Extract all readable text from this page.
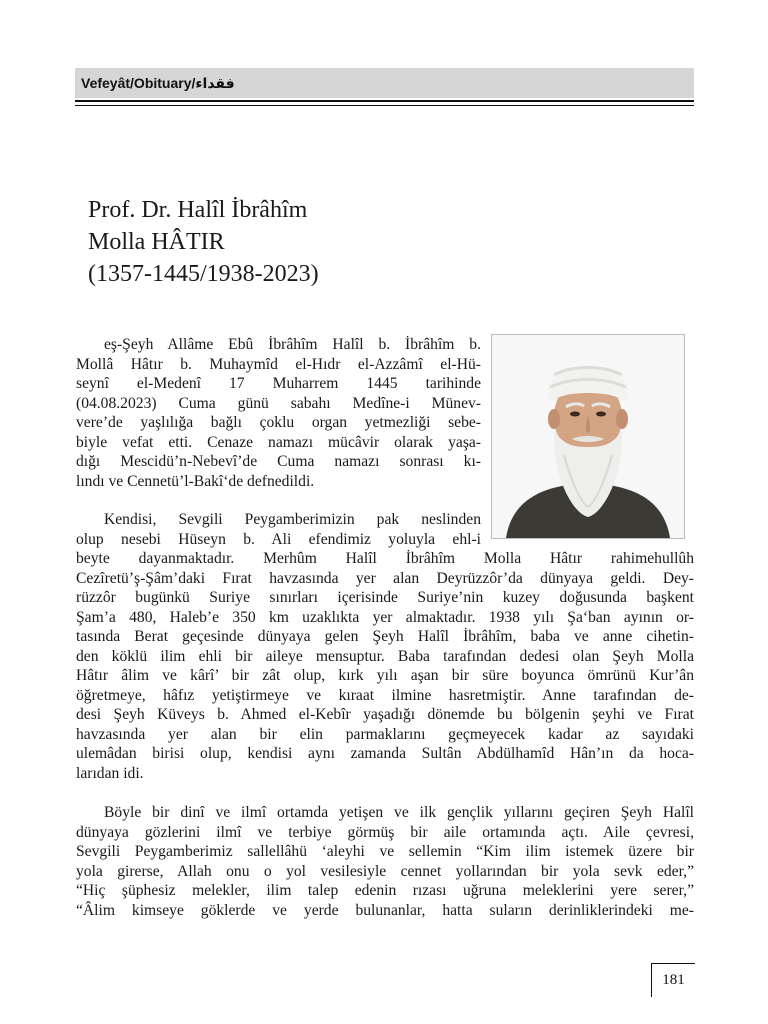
Vefeyât/Obituary/فقداء
Prof. Dr. Halîl İbrâhîm
Molla HÂTIR
(1357-1445/1938-2023)
eş-Şeyh Allâme Ebû İbrâhîm Halîl b. İbrâhîm b.
Mollâ Hâtır b. Muhaymîd el-Hıdr el-Azzâmî el-Hü-
seynî el-Medenî 17 Muharrem 1445 tarihinde
(04.08.2023) Cuma günü sabahı Medîne-i Münev-
vere’de yaşlılığa bağlı çoklu organ yetmezliği sebe-
biyle vefat etti. Cenaze namazı mücâvir olarak yaşa-
dığı Mescidü’n-Nebevî’de Cuma namazı sonrası kı-
lındı ve Cennetü’l-Bakî‘de defnedildi.
Kendisi, Sevgili Peygamberimizin pak neslinden
olup nesebi Hüseyn b. Ali efendimiz yoluyla ehl-i
beyte dayanmaktadır. Merhûm Halîl İbrâhîm Molla Hâtır rahimehullûh
Cezîretü’ş-Şâm’daki Fırat havzasında yer alan Deyrüzzôr’da dünyaya geldi. Dey-
rüzzôr bugünkü Suriye sınırları içerisinde Suriye’nin kuzey doğusunda başkent
Şam’a 480, Haleb’e 350 km uzaklıkta yer almaktadır. 1938 yılı Şa‘ban ayının or-
tasında Berat geçesinde dünyaya gelen Şeyh Halîl İbrâhîm, baba ve anne cihetin-
den köklü ilim ehli bir aileye mensuptur. Baba tarafından dedesi olan Şeyh Molla
Hâtır âlim ve kârî’ bir zât olup, kırk yılı aşan bir süre boyunca ömrünü Kur’ân
öğretmeye, hâfız yetiştirmeye ve kıraat ilmine hasretmiştir. Anne tarafından de-
desi Şeyh Küveys b. Ahmed el-Kebîr yaşadığı dönemde bu bölgenin şeyhi ve Fırat
havzasında yer alan bir elin parmaklarını geçmeyecek kadar az sayıdaki
ulemâdan birisi olup, kendisi aynı zamanda Sultân Abdülhamîd Hân’ın da hoca-
larıdan idi.
Böyle bir dinî ve ilmî ortamda yetişen ve ilk gençlik yıllarını geçiren Şeyh Halîl
dünyaya gözlerini ilmî ve terbiye görmüş bir aile ortamında açtı. Aile çevresi,
Sevgili Peygamberimiz sallellâhü ‘aleyhi ve sellemin “Kim ilim istemek üzere bir
yola girerse, Allah onu o yol vesilesiyle cennet yollarından bir yola sevk eder,”
“Hiç şüphesiz melekler, ilim talep edenin rızası uğruna meleklerini yere serer,”
“Âlim kimseye göklerde ve yerde bulunanlar, hatta suların derinliklerindeki me-
181
